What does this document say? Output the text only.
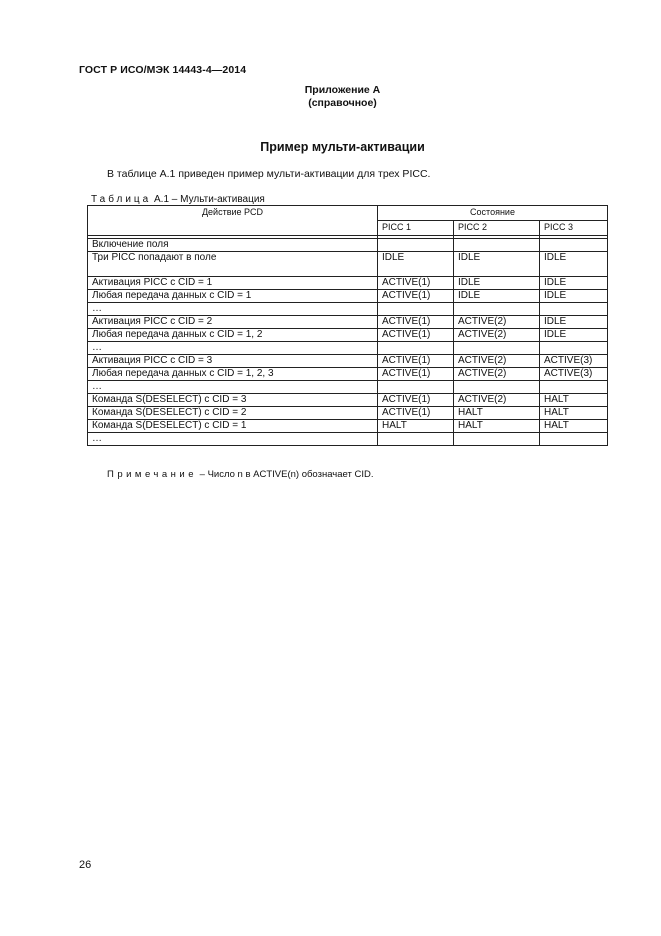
ГОСТ Р ИСО/МЭК 14443-4—2014
Приложение А
(справочное)
Пример мульти-активации
В таблице А.1 приведен пример мульти-активации для трех PICC.
Таблица А.1 – Мульти-активация
Действие PCD	Состояние		
	PICC 1	PICC 2	PICC 3

Включение поля			
Три PICC попадают в поле	IDLE	IDLE	IDLE
Активация PICC с CID = 1	ACTIVE(1)	IDLE	IDLE
Любая передача данных с CID = 1	ACTIVE(1)	IDLE	IDLE
…			
Активация PICC с CID = 2	ACTIVE(1)	ACTIVE(2)	IDLE
Любая передача данных с CID = 1, 2	ACTIVE(1)	ACTIVE(2)	IDLE
…			
Активация PICC с CID = 3	ACTIVE(1)	ACTIVE(2)	ACTIVE(3)
Любая передача данных с CID = 1, 2, 3	ACTIVE(1)	ACTIVE(2)	ACTIVE(3)
…			
Команда S(DESELECT) с CID = 3	ACTIVE(1)	ACTIVE(2)	HALT
Команда S(DESELECT) с CID = 2	ACTIVE(1)	HALT	HALT
Команда S(DESELECT) с CID = 1	HALT	HALT	HALT
…			
Примечание – Число n в ACTIVE(n) обозначает CID.
26
